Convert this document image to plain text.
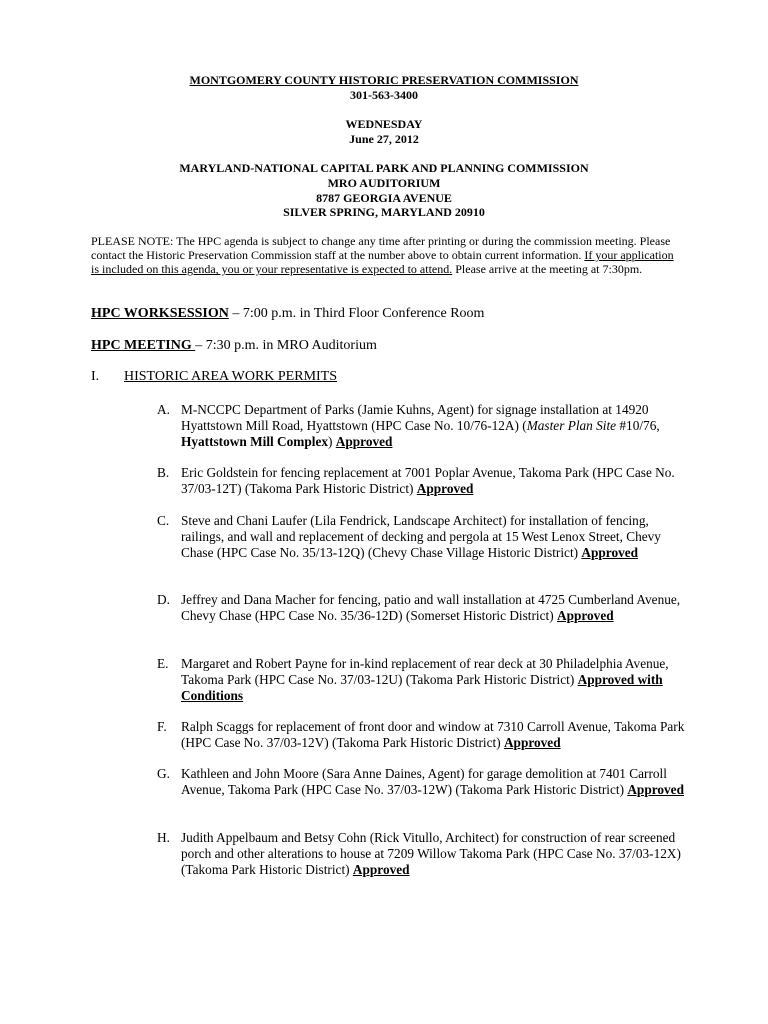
MONTGOMERY COUNTY HISTORIC PRESERVATION COMMISSION
301-563-3400
WEDNESDAY
June 27, 2012
MARYLAND-NATIONAL CAPITAL PARK AND PLANNING COMMISSION
MRO AUDITORIUM
8787 GEORGIA AVENUE
SILVER SPRING, MARYLAND 20910
PLEASE NOTE: The HPC agenda is subject to change any time after printing or during the commission meeting. Please contact the Historic Preservation Commission staff at the number above to obtain current information. If your application is included on this agenda, you or your representative is expected to attend. Please arrive at the meeting at 7:30pm.
HPC WORKSESSION – 7:00 p.m. in Third Floor Conference Room
HPC MEETING – 7:30 p.m. in MRO Auditorium
I. HISTORIC AREA WORK PERMITS
A. M-NCCPC Department of Parks (Jamie Kuhns, Agent) for signage installation at 14920 Hyattstown Mill Road, Hyattstown (HPC Case No. 10/76-12A) (Master Plan Site #10/76, Hyattstown Mill Complex) Approved
B. Eric Goldstein for fencing replacement at 7001 Poplar Avenue, Takoma Park (HPC Case No. 37/03-12T) (Takoma Park Historic District) Approved
C. Steve and Chani Laufer (Lila Fendrick, Landscape Architect) for installation of fencing, railings, and wall and replacement of decking and pergola at 15 West Lenox Street, Chevy Chase (HPC Case No. 35/13-12Q) (Chevy Chase Village Historic District) Approved
D. Jeffrey and Dana Macher for fencing, patio and wall installation at 4725 Cumberland Avenue, Chevy Chase (HPC Case No. 35/36-12D) (Somerset Historic District) Approved
E. Margaret and Robert Payne for in-kind replacement of rear deck at 30 Philadelphia Avenue, Takoma Park (HPC Case No. 37/03-12U) (Takoma Park Historic District) Approved with Conditions
F. Ralph Scaggs for replacement of front door and window at 7310 Carroll Avenue, Takoma Park (HPC Case No. 37/03-12V) (Takoma Park Historic District) Approved
G. Kathleen and John Moore (Sara Anne Daines, Agent) for garage demolition at 7401 Carroll Avenue, Takoma Park (HPC Case No. 37/03-12W) (Takoma Park Historic District) Approved
H. Judith Appelbaum and Betsy Cohn (Rick Vitullo, Architect) for construction of rear screened porch and other alterations to house at 7209 Willow Takoma Park (HPC Case No. 37/03-12X) (Takoma Park Historic District) Approved
